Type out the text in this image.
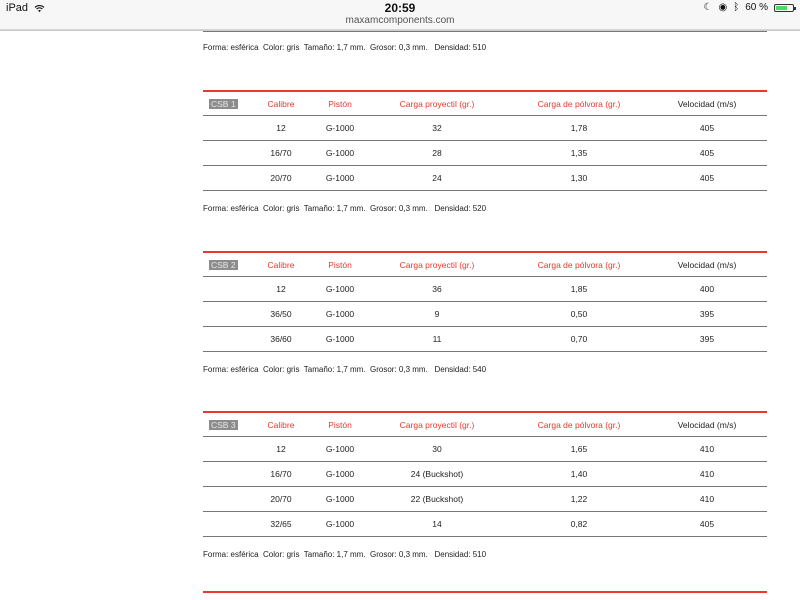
iPad	20:59
maxamcomponents.com
☾ ◉ ᛒ 60 %
Forma: esférica  Color: gris  Tamaño: 1,7 mm.  Grosor: 0,3 mm.   Densidad: 510
CSB 1	Calibre	Pistón	Carga proyectil (gr.)	Carga de pólvora (gr.)	Velocidad (m/s)
12	G-1000	32	1,78	405
16/70	G-1000	28	1,35	405
20/70	G-1000	24	1,30	405
Forma: esférica  Color: gris  Tamaño: 1,7 mm.  Grosor: 0,3 mm.   Densidad: 520
CSB 2	Calibre	Pistón	Carga proyectil (gr.)	Carga de pólvora (gr.)	Velocidad (m/s)
12	G-1000	36	1,85	400
36/50	G-1000	9	0,50	395
36/60	G-1000	11	0,70	395
Forma: esférica  Color: gris  Tamaño: 1,7 mm.  Grosor: 0,3 mm.   Densidad: 540
CSB 3	Calibre	Pistón	Carga proyectil (gr.)	Carga de pólvora (gr.)	Velocidad (m/s)
12	G-1000	30	1,65	410
16/70	G-1000	24 (Buckshot)	1,40	410
20/70	G-1000	22 (Buckshot)	1,22	410
32/65	G-1000	14	0,82	405
Forma: esférica  Color: gris  Tamaño: 1,7 mm.  Grosor: 0,3 mm.   Densidad: 510
